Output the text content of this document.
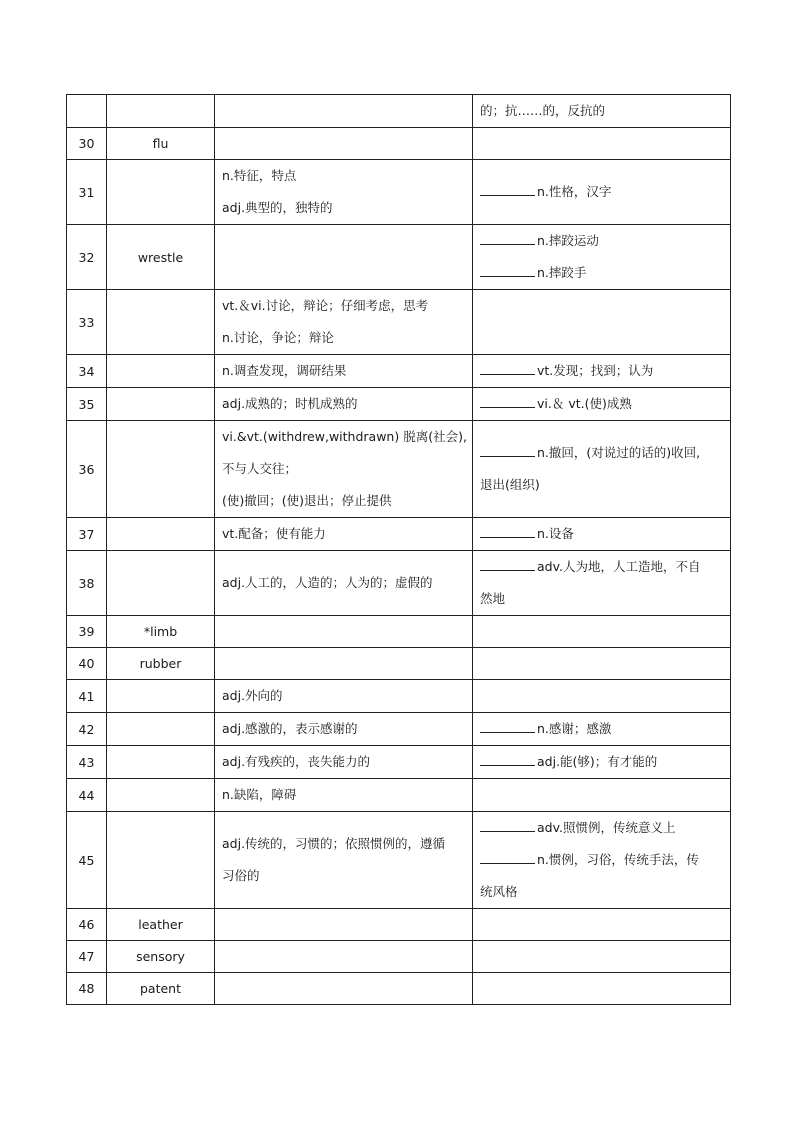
			的；抗……的，反抗的

30	flu		
31		n.特征，特点
adj.典型的，独特的	n.性格，汉字

32	wrestle		n.摔跤运动
n.摔跤手

33		vt.＆vi.讨论，辩论；仔细考虑，思考
n.讨论，争论；辩论	

34		n.调查发现，调研结果	vt.发现；找到；认为

35		adj.成熟的；时机成熟的	vi.＆ vt.(使)成熟

36		vi.&vt.(withdrew,withdrawn) 脱离(社会),
不与人交往；
(使)撤回；(使)退出；停止提供	n.撤回，(对说过的话的)收回,
退出(组织)

37		vt.配备；使有能力	n.设备

38		adj.人工的，人造的；人为的；虚假的	adv.人为地，人工造地，不自
然地

39	*limb		
40	rubber		
41		adj.外向的	

42		adj.感激的，表示感谢的	n.感谢；感激

43		adj.有残疾的，丧失能力的	adj.能(够)；有才能的

44		n.缺陷，障碍	

45		adj.传统的，习惯的；依照惯例的，遵循
习俗的	adv.照惯例，传统意义上
n.惯例，习俗，传统手法，传
统风格

46	leather		
47	sensory		
48	patent		
